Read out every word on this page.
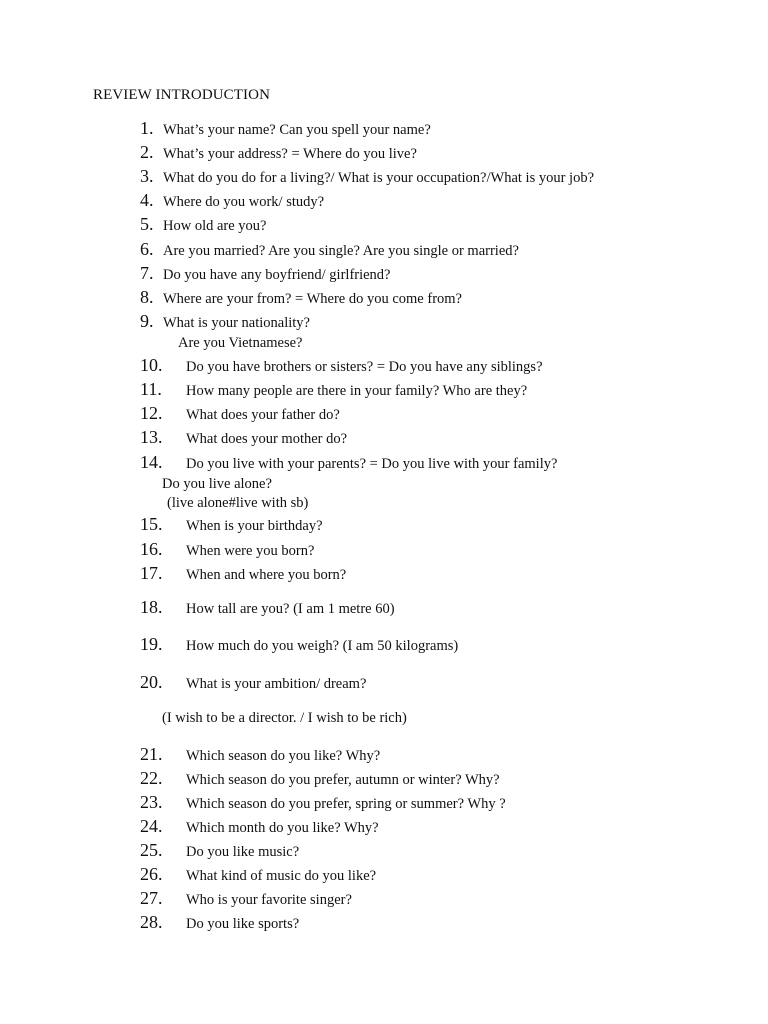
REVIEW INTRODUCTION
1. What’s your name? Can you spell your name?
2. What’s your address? = Where do you live?
3. What do you do for a living?/ What is your occupation?/What is your job?
4. Where do you work/ study?
5. How old are you?
6. Are you married? Are you single? Are you single or married?
7. Do you have any boyfriend/ girlfriend?
8. Where are your from? = Where do you come from?
9. What is your nationality?
Are you Vietnamese?
10. Do you have brothers or sisters? = Do you have any siblings?
11. How many people are there in your family? Who are they?
12. What does your father do?
13. What does your mother do?
14. Do you live with your parents? = Do you live with your family?
Do you live alone?
(live alone#live with sb)
15. When is your birthday?
16. When were you born?
17. When and where you born?
18. How tall are you? (I am 1 metre 60)
19. How much do you weigh? (I am 50 kilograms)
20. What is your ambition/ dream?
(I wish to be a director. / I wish to be rich)
21. Which season do you like? Why?
22. Which season do you prefer, autumn or winter? Why?
23. Which season do you prefer, spring or summer? Why ?
24. Which month do you like? Why?
25. Do you like music?
26. What kind of music do you like?
27. Who is your favorite singer?
28. Do you like sports?
